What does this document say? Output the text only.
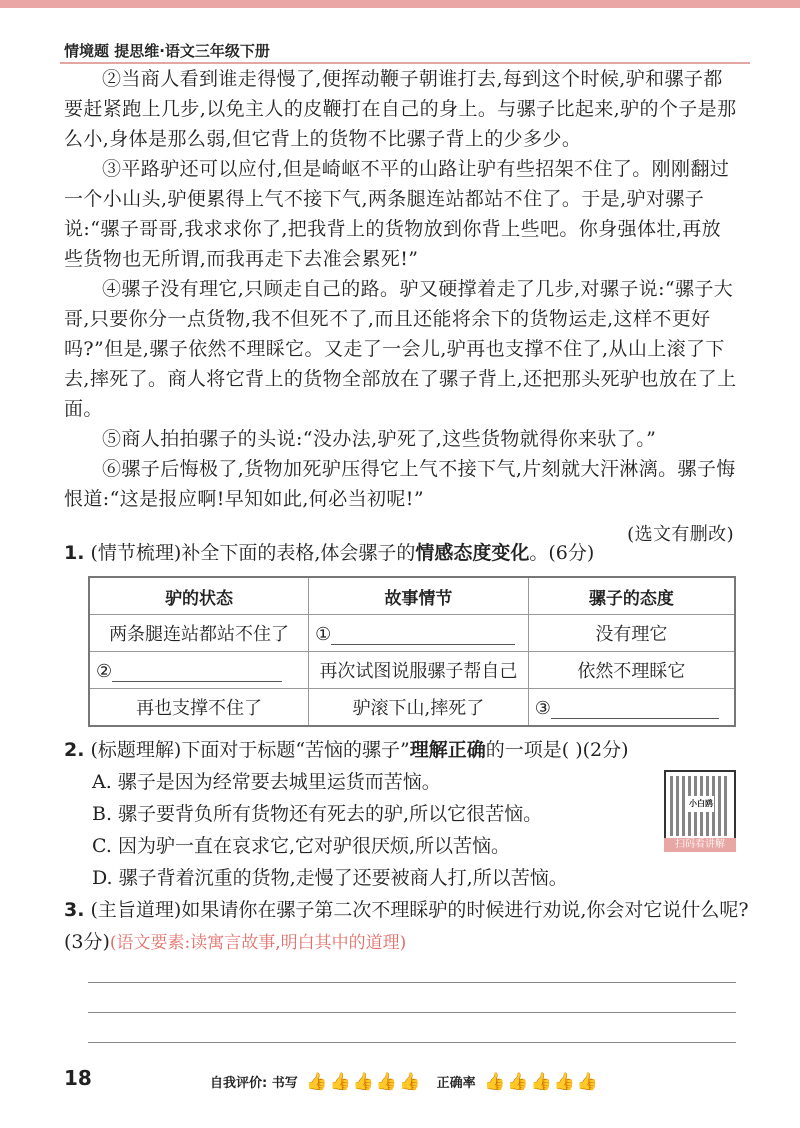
情境题 提思维·语文三年级下册

②当商人看到谁走得慢了,便挥动鞭子朝谁打去,每到这个时候,驴和骡子都要赶紧跑上几步,以免主人的皮鞭打在自己的身上。与骡子比起来,驴的个子是那么小,身体是那么弱,但它背上的货物不比骡子背上的少多少。

③平路驴还可以应付,但是崎岖不平的山路让驴有些招架不住了。刚刚翻过一个小山头,驴便累得上气不接下气,两条腿连站都站不住了。于是,驴对骡子说:“骡子哥哥,我求求你了,把我背上的货物放到你背上些吧。你身强体壮,再放些货物也无所谓,而我再走下去准会累死!”

④骡子没有理它,只顾走自己的路。驴又硬撑着走了几步,对骡子说:“骡子大哥,只要你分一点货物,我不但死不了,而且还能将余下的货物运走,这样不更好吗?”但是,骡子依然不理睬它。又走了一会儿,驴再也支撑不住了,从山上滚了下去,摔死了。商人将它背上的货物全部放在了骡子背上,还把那头死驴也放在了上面。

⑤商人拍拍骡子的头说:“没办法,驴死了,这些货物就得你来驮了。”

⑥骡子后悔极了,货物加死驴压得它上气不接下气,片刻就大汗淋漓。骡子悔恨道:“这是报应啊!早知如此,何必当初呢!”

(选文有删改)
1. (情节梳理)补全下面的表格,体会骡子的情感态度变化。(6分)
驴的状态	故事情节	骡子的态度
两条腿连站都站不住了	①	没有理它
②	再次试图说服骡子帮自己	依然不理睬它
再也支撑不住了	驴滚下山,摔死了	③
2. (标题理解)下面对于标题“苦恼的骡子”理解正确的一项是( )(2分)
A. 骡子是因为经常要去城里运货而苦恼。
B. 骡子要背负所有货物还有死去的驴,所以它很苦恼。
C. 因为驴一直在哀求它,它对驴很厌烦,所以苦恼。
D. 骡子背着沉重的货物,走慢了还要被商人打,所以苦恼。
小白鸥
扫码看讲解
3. (主旨道理)如果请你在骡子第二次不理睬驴的时候进行劝说,你会对它说什么呢?(3分)(语文要素:读寓言故事,明白其中的道理)
18	自我评价: 书写 👍👍👍👍👍 正确率 👍👍👍👍👍
